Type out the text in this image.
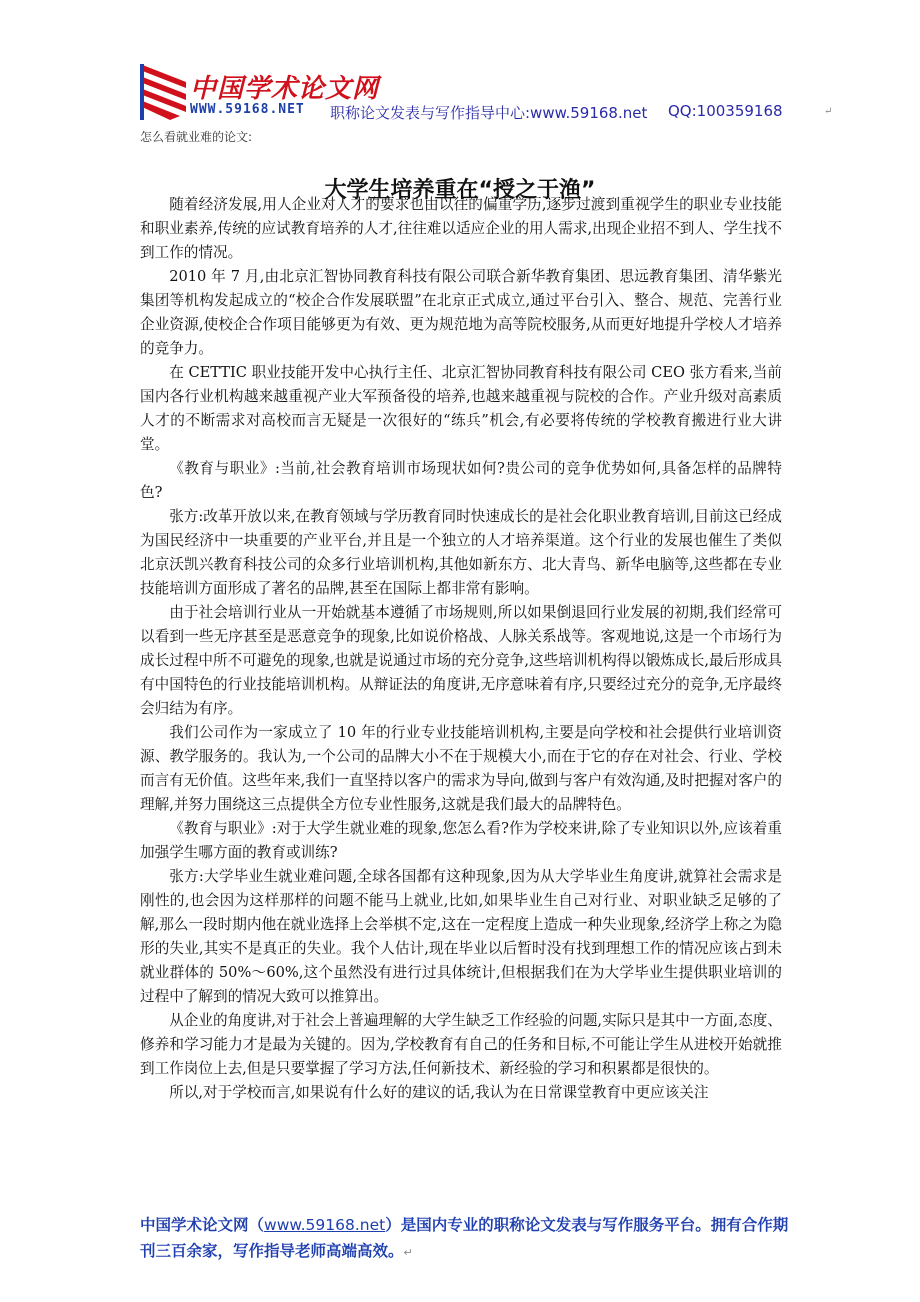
中国学术论文网
WWW.59168.NET 职称论文发表与写作指导中心:www.59168.net QQ:100359168	↵
怎么看就业难的论文:
大学生培养重在“授之于渔”

随着经济发展,用人企业对人才的要求也由以往的偏重学历,逐步过渡到重视学生的职业专业技能和职业素养,传统的应试教育培养的人才,往往难以适应企业的用人需求,出现企业招不到人、学生找不到工作的情况。

2010 年 7 月,由北京汇智协同教育科技有限公司联合新华教育集团、思远教育集团、清华紫光集团等机构发起成立的“校企合作发展联盟”在北京正式成立,通过平台引入、整合、规范、完善行业企业资源,使校企合作项目能够更为有效、更为规范地为高等院校服务,从而更好地提升学校人才培养的竞争力。

在 CETTIC 职业技能开发中心执行主任、北京汇智协同教育科技有限公司 CEO 张方看来,当前国内各行业机构越来越重视产业大军预备役的培养,也越来越重视与院校的合作。产业升级对高素质人才的不断需求对高校而言无疑是一次很好的“练兵”机会,有必要将传统的学校教育搬进行业大讲堂。

《教育与职业》:当前,社会教育培训市场现状如何?贵公司的竞争优势如何,具备怎样的品牌特色?

张方:改革开放以来,在教育领域与学历教育同时快速成长的是社会化职业教育培训,目前这已经成为国民经济中一块重要的产业平台,并且是一个独立的人才培养渠道。这个行业的发展也催生了类似北京沃凯兴教育科技公司的众多行业培训机构,其他如新东方、北大青鸟、新华电脑等,这些都在专业技能培训方面形成了著名的品牌,甚至在国际上都非常有影响。

由于社会培训行业从一开始就基本遵循了市场规则,所以如果倒退回行业发展的初期,我们经常可以看到一些无序甚至是恶意竞争的现象,比如说价格战、人脉关系战等。客观地说,这是一个市场行为成长过程中所不可避免的现象,也就是说通过市场的充分竞争,这些培训机构得以锻炼成长,最后形成具有中国特色的行业技能培训机构。从辩证法的角度讲,无序意味着有序,只要经过充分的竞争,无序最终会归结为有序。

我们公司作为一家成立了 10 年的行业专业技能培训机构,主要是向学校和社会提供行业培训资源、教学服务的。我认为,一个公司的品牌大小不在于规模大小,而在于它的存在对社会、行业、学校而言有无价值。这些年来,我们一直坚持以客户的需求为导向,做到与客户有效沟通,及时把握对客户的理解,并努力围绕这三点提供全方位专业性服务,这就是我们最大的品牌特色。

《教育与职业》:对于大学生就业难的现象,您怎么看?作为学校来讲,除了专业知识以外,应该着重加强学生哪方面的教育或训练?

张方:大学毕业生就业难问题,全球各国都有这种现象,因为从大学毕业生角度讲,就算社会需求是刚性的,也会因为这样那样的问题不能马上就业,比如,如果毕业生自己对行业、对职业缺乏足够的了解,那么一段时期内他在就业选择上会举棋不定,这在一定程度上造成一种失业现象,经济学上称之为隐形的失业,其实不是真正的失业。我个人估计,现在毕业以后暂时没有找到理想工作的情况应该占到未就业群体的 50%～60%,这个虽然没有进行过具体统计,但根据我们在为大学毕业生提供职业培训的过程中了解到的情况大致可以推算出。

从企业的角度讲,对于社会上普遍理解的大学生缺乏工作经验的问题,实际只是其中一方面,态度、修养和学习能力才是最为关键的。因为,学校教育有自己的任务和目标,不可能让学生从进校开始就推到工作岗位上去,但是只要掌握了学习方法,任何新技术、新经验的学习和积累都是很快的。

所以,对于学校而言,如果说有什么好的建议的话,我认为在日常课堂教育中更应该关注

中国学术论文网（www.59168.net）是国内专业的职称论文发表与写作服务平台。拥有合作期刊三百余家，写作指导老师高端高效。↵
